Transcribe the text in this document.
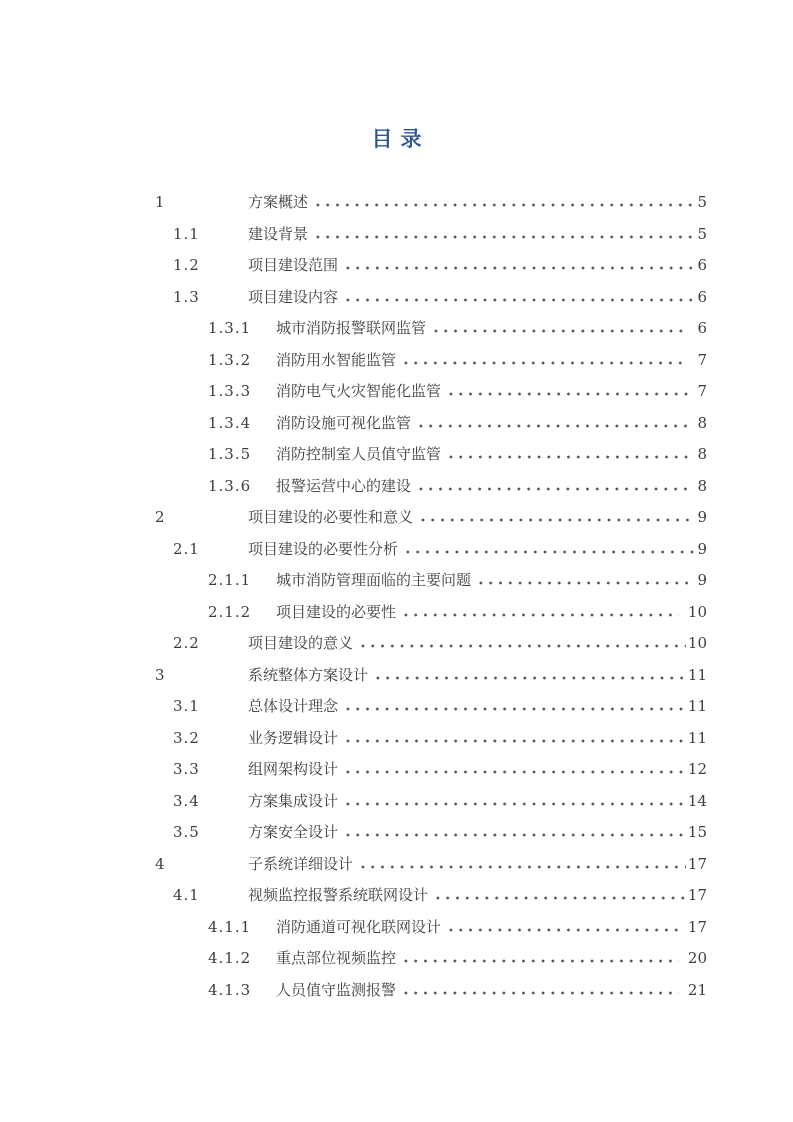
目录
1	方案概述	5
1.1	建设背景	5
1.2	项目建设范围	6
1.3	项目建设内容	6
1.3.1	城市消防报警联网监管	6
1.3.2	消防用水智能监管	7
1.3.3	消防电气火灾智能化监管	7
1.3.4	消防设施可视化监管	8
1.3.5	消防控制室人员值守监管	8
1.3.6	报警运营中心的建设	8
2	项目建设的必要性和意义	9
2.1	项目建设的必要性分析	9
2.1.1	城市消防管理面临的主要问题	9
2.1.2	项目建设的必要性	10
2.2	项目建设的意义	10
3	系统整体方案设计	11
3.1	总体设计理念	11
3.2	业务逻辑设计	11
3.3	组网架构设计	12
3.4	方案集成设计	14
3.5	方案安全设计	15
4	子系统详细设计	17
4.1	视频监控报警系统联网设计	17
4.1.1	消防通道可视化联网设计	17
4.1.2	重点部位视频监控	20
4.1.3	人员值守监测报警	21
